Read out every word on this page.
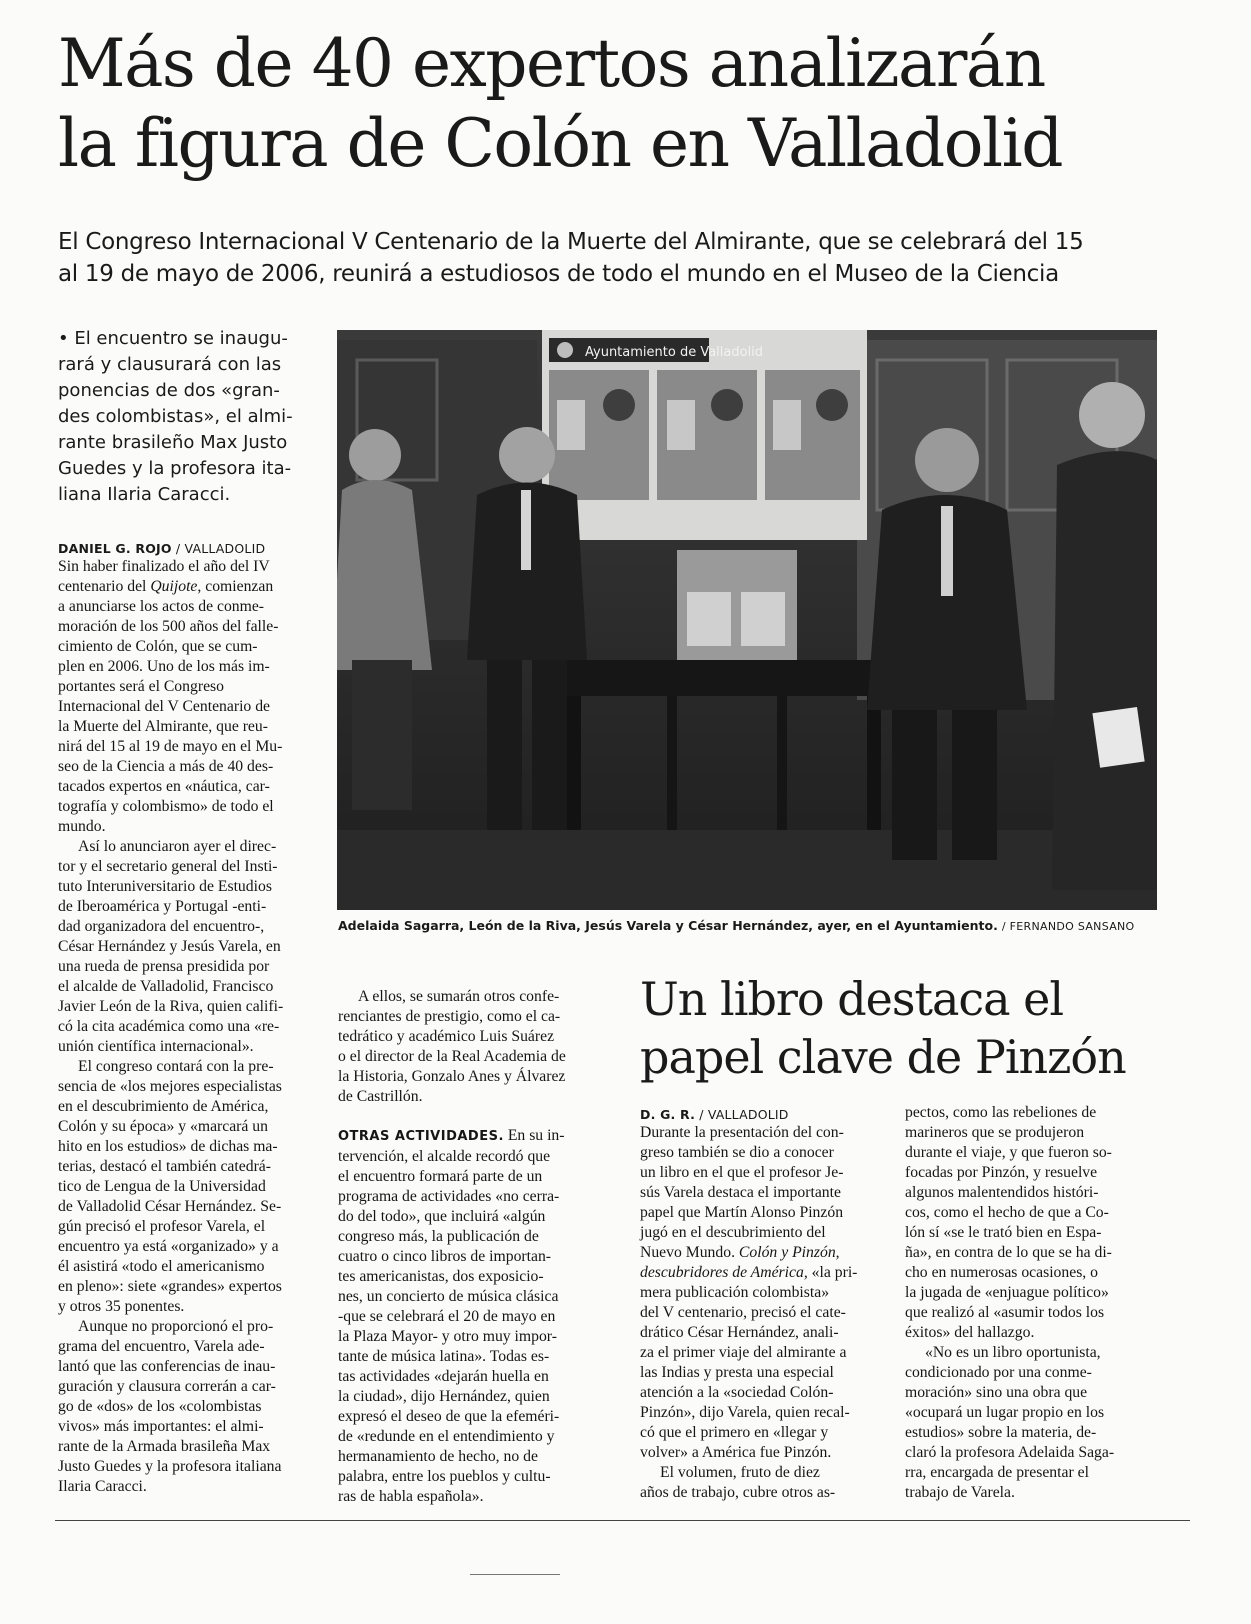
Más de 40 expertos analizarán
la figura de Colón en Valladolid

El Congreso Internacional V Centenario de la Muerte del Almirante, que se celebrará del 15
al 19 de mayo de 2006, reunirá a estudiosos de todo el mundo en el Museo de la Ciencia

• El encuentro se inaugu-
rará y clausurará con las
ponencias de dos «gran-
des colombistas», el almi-
rante brasileño Max Justo
Guedes y la profesora ita-
liana Ilaria Caracci.

DANIEL G. ROJO / VALLADOLID
Sin haber finalizado el año del IV
centenario del Quijote, comienzan
a anunciarse los actos de conme-
moración de los 500 años del falle-
cimiento de Colón, que se cum-
plen en 2006. Uno de los más im-
portantes será el Congreso
Internacional del V Centenario de
la Muerte del Almirante, que reu-
nirá del 15 al 19 de mayo en el Mu-
seo de la Ciencia a más de 40 des-
tacados expertos en «náutica, car-
tografía y colombismo» de todo el
mundo.
Así lo anunciaron ayer el direc-
tor y el secretario general del Insti-
tuto Interuniversitario de Estudios
de Iberoamérica y Portugal -enti-
dad organizadora del encuentro-,
César Hernández y Jesús Varela, en
una rueda de prensa presidida por
el alcalde de Valladolid, Francisco
Javier León de la Riva, quien califi-
có la cita académica como una «re-
unión científica internacional».
El congreso contará con la pre-
sencia de «los mejores especialistas
en el descubrimiento de América,
Colón y su época» y «marcará un
hito en los estudios» de dichas ma-
terias, destacó el también catedrá-
tico de Lengua de la Universidad
de Valladolid César Hernández. Se-
gún precisó el profesor Varela, el
encuentro ya está «organizado» y a
él asistirá «todo el americanismo
en pleno»: siete «grandes» expertos
y otros 35 ponentes.
Aunque no proporcionó el pro-
grama del encuentro, Varela ade-
lantó que las conferencias de inau-
guración y clausura correrán a car-
go de «dos» de los «colombistas
vivos» más importantes: el almi-
rante de la Armada brasileña Max
Justo Guedes y la profesora italiana
Ilaria Caracci.
Ayuntamiento de Valladolid
Adelaida Sagarra, León de la Riva, Jesús Varela y César Hernández, ayer, en el Ayuntamiento. / FERNANDO SANSANO
A ellos, se sumarán otros confe-
renciantes de prestigio, como el ca-
tedrático y académico Luis Suárez
o el director de la Real Academia de
la Historia, Gonzalo Anes y Álvarez
de Castrillón.
OTRAS ACTIVIDADES. En su in-
tervención, el alcalde recordó que
el encuentro formará parte de un
programa de actividades «no cerra-
do del todo», que incluirá «algún
congreso más, la publicación de
cuatro o cinco libros de importan-
tes americanistas, dos exposicio-
nes, un concierto de música clásica
-que se celebrará el 20 de mayo en
la Plaza Mayor- y otro muy impor-
tante de música latina». Todas es-
tas actividades «dejarán huella en
la ciudad», dijo Hernández, quien
expresó el deseo de que la efeméri-
de «redunde en el entendimiento y
hermanamiento de hecho, no de
palabra, entre los pueblos y cultu-
ras de habla española».
Un libro destaca el
papel clave de Pinzón
D. G. R. / VALLADOLID
Durante la presentación del con-
greso también se dio a conocer
un libro en el que el profesor Je-
sús Varela destaca el importante
papel que Martín Alonso Pinzón
jugó en el descubrimiento del
Nuevo Mundo. Colón y Pinzón,
descubridores de América, «la pri-
mera publicación colombista»
del V centenario, precisó el cate-
drático César Hernández, anali-
za el primer viaje del almirante a
las Indias y presta una especial
atención a la «sociedad Colón-
Pinzón», dijo Varela, quien recal-
có que el primero en «llegar y
volver» a América fue Pinzón.
El volumen, fruto de diez
años de trabajo, cubre otros as-
pectos, como las rebeliones de
marineros que se produjeron
durante el viaje, y que fueron so-
focadas por Pinzón, y resuelve
algunos malentendidos históri-
cos, como el hecho de que a Co-
lón sí «se le trató bien en Espa-
ña», en contra de lo que se ha di-
cho en numerosas ocasiones, o
la jugada de «enjuague político»
que realizó al «asumir todos los
éxitos» del hallazgo.
«No es un libro oportunista,
condicionado por una conme-
moración» sino una obra que
«ocupará un lugar propio en los
estudios» sobre la materia, de-
claró la profesora Adelaida Saga-
rra, encargada de presentar el
trabajo de Varela.
